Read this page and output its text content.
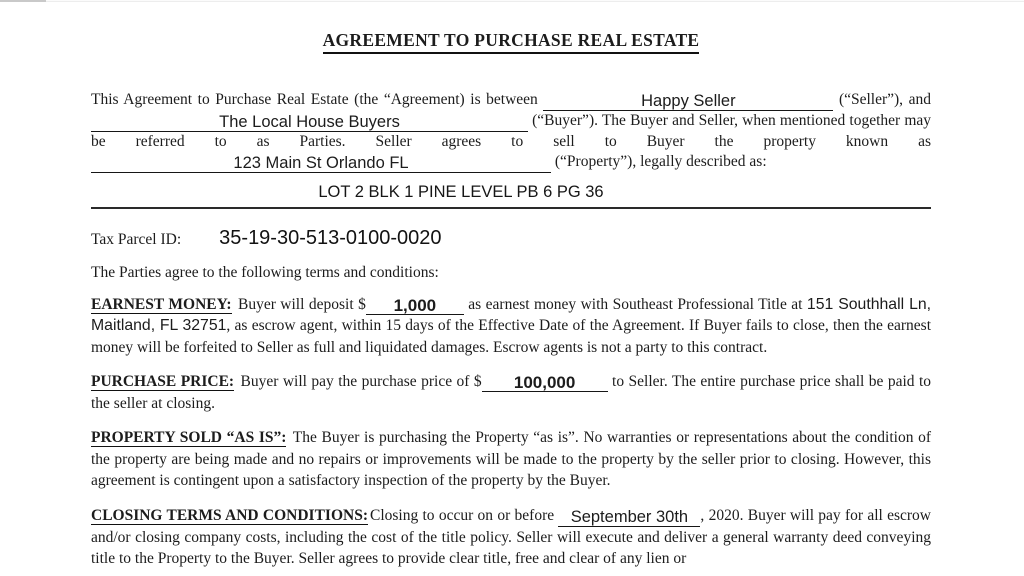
AGREEMENT TO PURCHASE REAL ESTATE

This Agreement to Purchase Real Estate (the “Agreement) is between	Happy Seller	(“Seller”), and The Local House Buyers	(“Buyer”). The Buyer and Seller, when mentioned together may be referred to as Parties. Seller agrees to sell to Buyer the property known as 123 Main St Orlando FL	(“Property”), legally described as:

LOT 2 BLK 1 PINE LEVEL PB 6 PG 36
Tax Parcel ID: 35-19-30-513-0100-0020

The Parties agree to the following terms and conditions:

EARNEST MONEY: Buyer will deposit $ 1,000 as earnest money with Southeast Professional Title at 151 Southhall Ln, Maitland, FL 32751, as escrow agent, within 15 days of the Effective Date of the Agreement. If Buyer fails to close, then the earnest money will be forfeited to Seller as full and liquidated damages. Escrow agents is not a party to this contract.

PURCHASE PRICE: Buyer will pay the purchase price of $ 100,000 to Seller. The entire purchase price shall be paid to the seller at closing.

PROPERTY SOLD “AS IS”: The Buyer is purchasing the Property “as is”. No warranties or representations about the condition of the property are being made and no repairs or improvements will be made to the property by the seller prior to closing. However, this agreement is contingent upon a satisfactory inspection of the property by the Buyer.

CLOSING TERMS AND CONDITIONS: Closing to occur on or before September 30th , 2020. Buyer will pay for all escrow and/or closing company costs, including the cost of the title policy. Seller will execute and deliver a general warranty deed conveying title to the Property to the Buyer. Seller agrees to provide clear title, free and clear of any lien or
